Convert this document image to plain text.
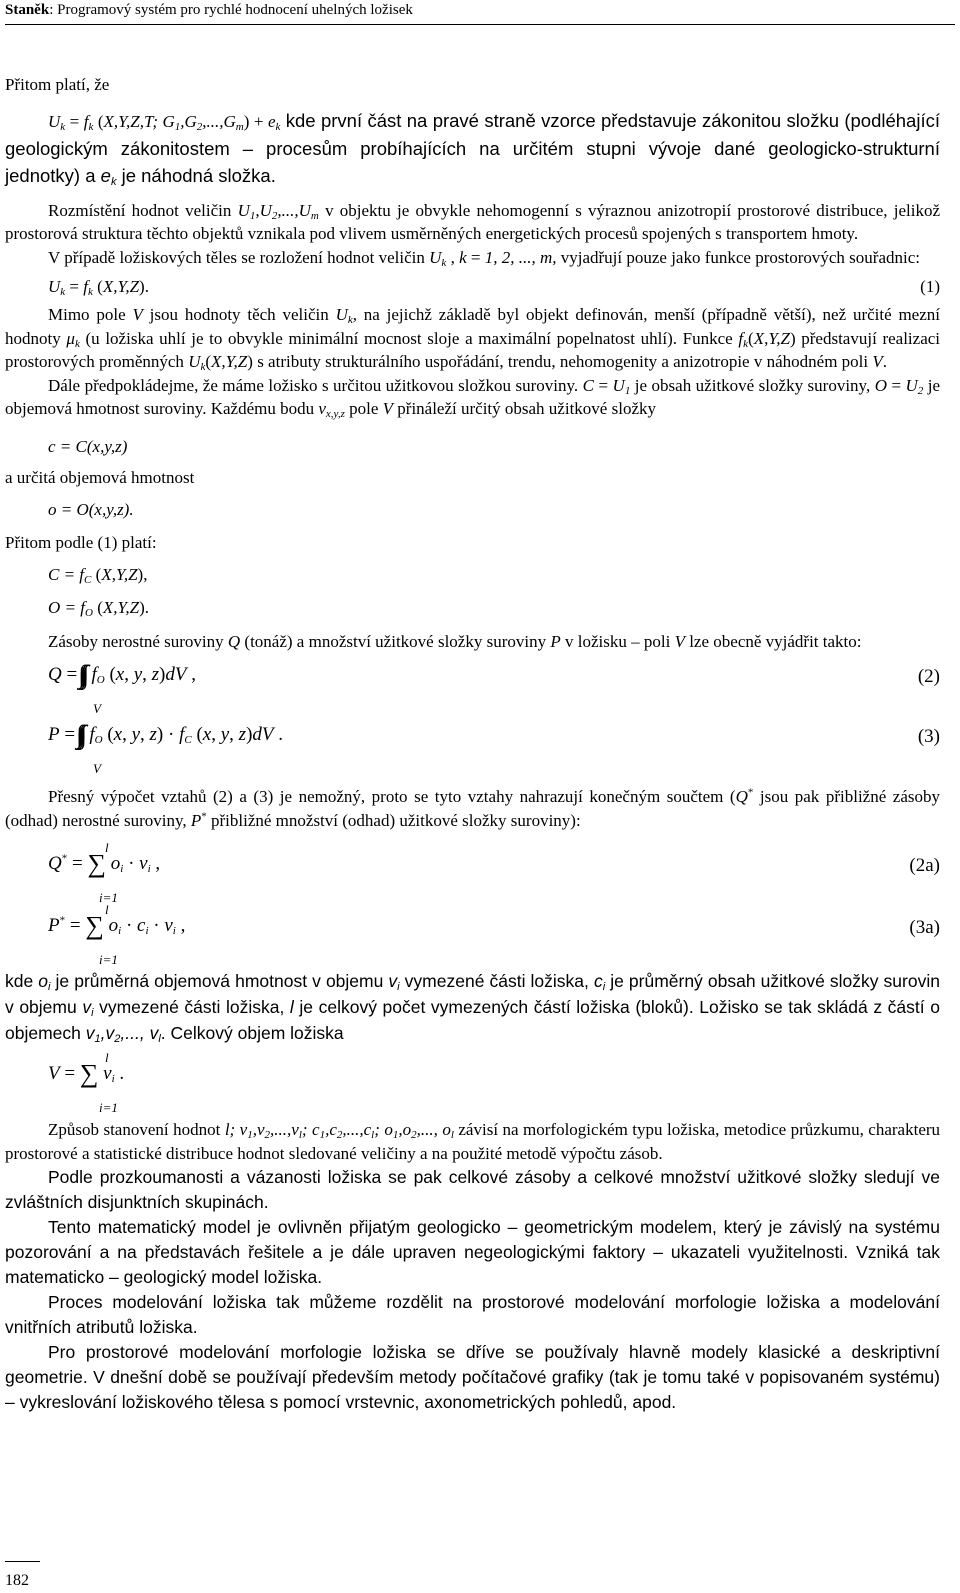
Staněk: Programový systém pro rychlé hodnocení uhelných ložisek

Přitom platí, že

$U_k = f_k$ (X,Y,Z,T; $G_1,G_2,...,G_m) + e_k$ kde první část na pravé straně vzorce představuje zákonitou složku (podléhající geologickým zákonitostem – procesům probíhajících na určitém stupni vývoje dané geologicko-strukturní jednotky) a $e_k$ je náhodná složka.

Rozmístění hodnot veličin $U_1,U_2,...,U_m$ v objektu je obvykle nehomogenní s výraznou anizotropií prostorové distribuce, jelikož prostorová struktura těchto objektů vznikala pod vlivem usměrněných energetických procesů spojených s transportem hmoty.

V případě ložiskových těles se rozložení hodnot veličin $U_k$ , k = 1, 2, ..., m, vyjadřují pouze jako funkce prostorových souřadnic:

$U_k = f_k$ (X,Y,Z).	(1)

Mimo pole V jsou hodnoty těch veličin $U_k$, na jejichž základě byl objekt definován, menší (případně větší), než určité mezní hodnoty $\mu_k$ (u ložiska uhlí je to obvykle minimální mocnost sloje a maximální popelnatost uhlí). Funkce $f_k(X,Y,Z)$ představují realizaci prostorových proměnných $U_k(X,Y,Z)$ s atributy strukturálního uspořádání, trendu, nehomogenity a anizotropie v náhodném poli V.

Dále předpokládejme, že máme ložisko s určitou užitkovou složkou suroviny. $C = U_1$ je obsah užitkové složky suroviny, $O = U_2$ je objemová hmotnost suroviny. Každému bodu $v_{x,y,z}$ pole V přináleží určitý obsah užitkové složky

c = C(x,y,z)

a určitá objemová hmotnost

o = O(x,y,z).

Přitom podle (1) platí:

$C = f_C$ (X,Y,Z),

$O = f_O$ (X,Y,Z).

Zásoby nerostné suroviny Q (tonáž) a množství užitkové složky suroviny P v ložisku – poli V lze obecně vyjádřit takto:

$Q = f_O$ (x, y, z)dV ,
V
(2)
$P = f_O$ (x, y, $z) \cdot f_C$ (x, y, z)dV .
V
(3)

Přesný výpočet vztahů (2) a (3) je nemožný, proto se tyto vztahy nahrazují konečným součtem (Q* jsou pak přibližné zásoby (odhad) nerostné suroviny, P* přibližné množství (odhad) užitkové složky suroviny):

l
Q* = ∑ $o_i \cdot v_i$ ,
i=1
(2a)
l
P* = ∑ $o_i \cdot c_i \cdot v_i$ ,
i=1
(3a)

kde $o_i$ je průměrná objemová hmotnost v objemu $v_i$ vymezené části ložiska, $c_i$ je průměrný obsah užitkové složky surovin v objemu $v_i$ vymezené části ložiska, l je celkový počet vymezených částí ložiska (bloků). Ložisko se tak skládá z částí o objemech $v_1,v_2$,..., $v_l$. Celkový objem ložiska

l
V = ∑ $v_i$ .
i=1

Způsob stanovení hodnot l; $v_1,v_2,...,v_l$; $c_1,c_2,...,c_l$; $o_1,o_2$,..., $o_l$ závisí na morfologickém typu ložiska, metodice průzkumu, charakteru prostorové a statistické distribuce hodnot sledované veličiny a na použité metodě výpočtu zásob.

Podle prozkoumanosti a vázanosti ložiska se pak celkové zásoby a celkové množství užitkové složky sledují ve zvláštních disjunktních skupinách.

Tento matematický model je ovlivněn přijatým geologicko – geometrickým modelem, který je závislý na systému pozorování a na představách řešitele a je dále upraven negeologickými faktory – ukazateli využitelnosti. Vzniká tak matematicko – geologický model ložiska.

Proces modelování ložiska tak můžeme rozdělit na prostorové modelování morfologie ložiska a modelování vnitřních atributů ložiska.

Pro prostorové modelování morfologie ložiska se dříve se používaly hlavně modely klasické a deskriptivní geometrie. V dnešní době se používají především metody počítačové grafiky (tak je tomu také v popisovaném systému) – vykreslování ložiskového tělesa s pomocí vrstevnic, axonometrických pohledů, apod.

182
